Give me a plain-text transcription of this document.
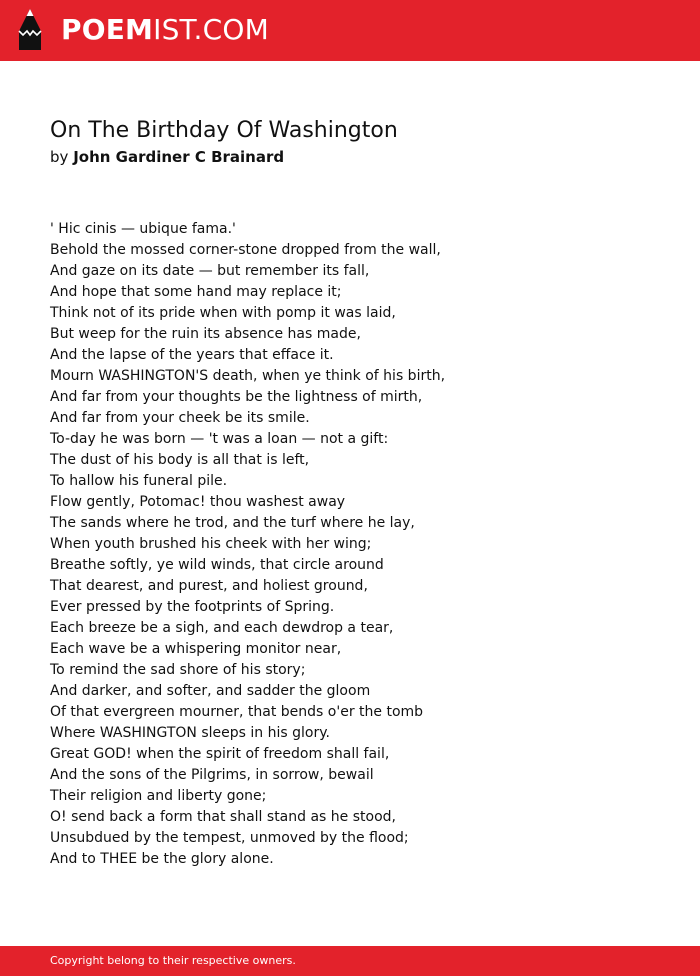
POEMIST.COM
On The Birthday Of Washington
by John Gardiner C Brainard
' Hic cinis — ubique fama.'
Behold the mossed corner-stone dropped from the wall,
And gaze on its date — but remember its fall,
And hope that some hand may replace it;
Think not of its pride when with pomp it was laid,
But weep for the ruin its absence has made,
And the lapse of the years that efface it.
Mourn WASHINGTON'S death, when ye think of his birth,
And far from your thoughts be the lightness of mirth,
And far from your cheek be its smile.
To-day he was born — 't was a loan — not a gift:
The dust of his body is all that is left,
To hallow his funeral pile.
Flow gently, Potomac! thou washest away
The sands where he trod, and the turf where he lay,
When youth brushed his cheek with her wing;
Breathe softly, ye wild winds, that circle around
That dearest, and purest, and holiest ground,
Ever pressed by the footprints of Spring.
Each breeze be a sigh, and each dewdrop a tear,
Each wave be a whispering monitor near,
To remind the sad shore of his story;
And darker, and softer, and sadder the gloom
Of that evergreen mourner, that bends o'er the tomb
Where WASHINGTON sleeps in his glory.
Great GOD! when the spirit of freedom shall fail,
And the sons of the Pilgrims, in sorrow, bewail
Their religion and liberty gone;
O! send back a form that shall stand as he stood,
Unsubdued by the tempest, unmoved by the flood;
And to THEE be the glory alone.
Copyright belong to their respective owners.
